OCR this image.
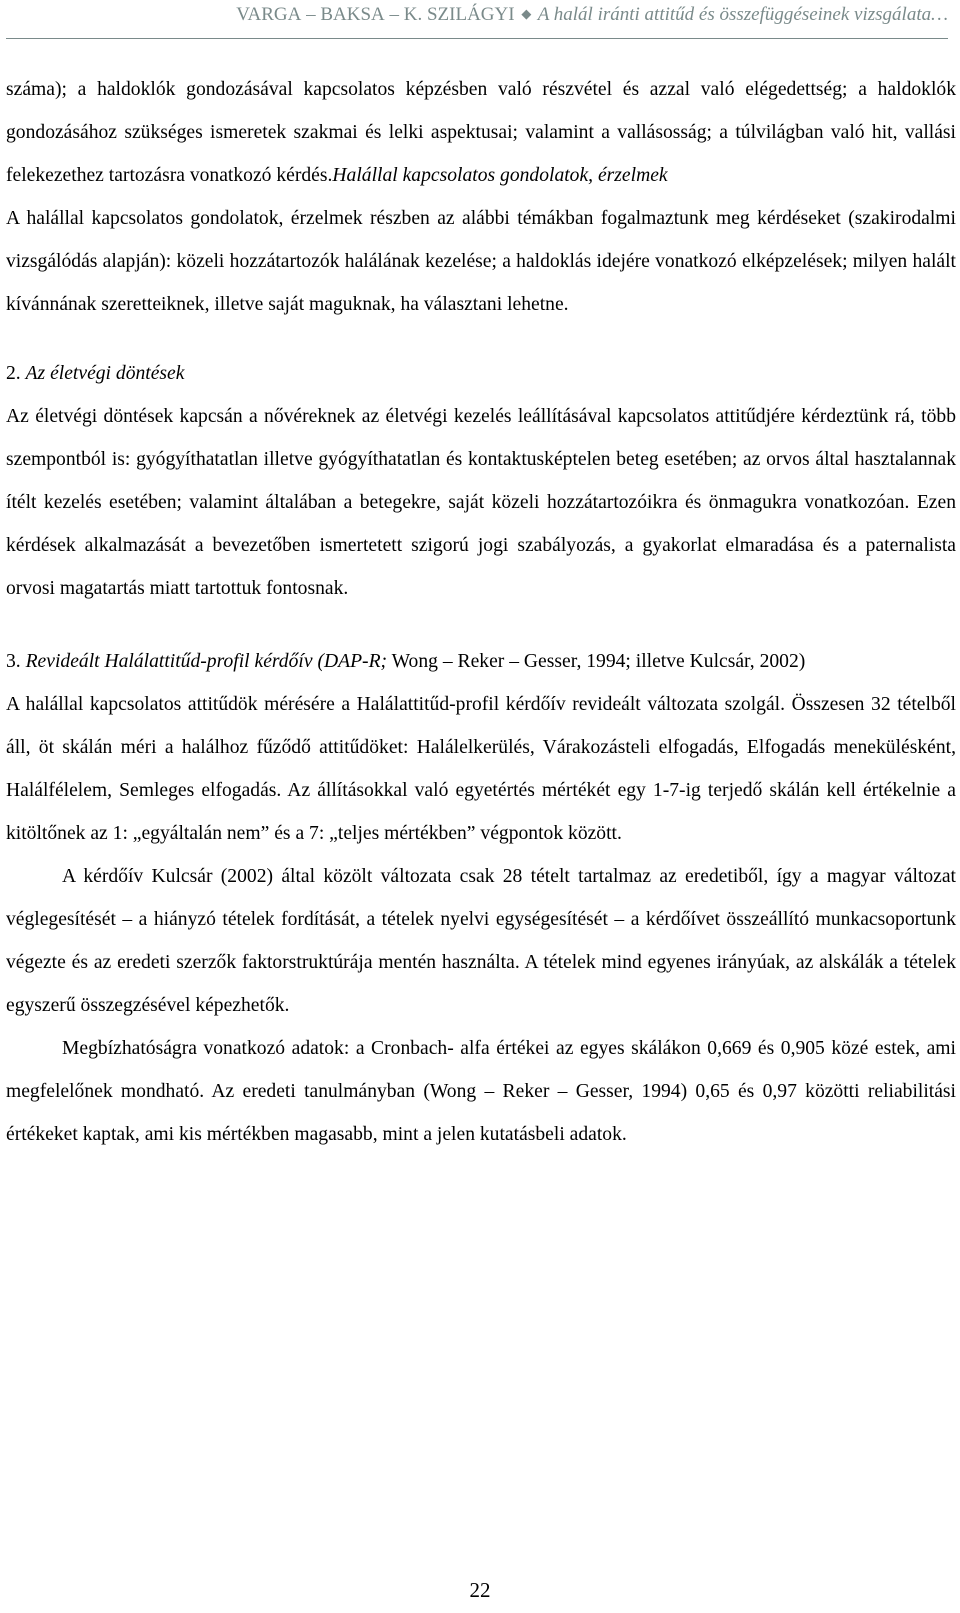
VARGA – BAKSA – K. SZILÁGYI ◆ A halál iránti attitűd és összefüggéseinek vizsgálata…

száma); a haldoklók gondozásával kapcsolatos képzésben való részvétel és azzal való elégedettség; a haldoklók gondozásához szükséges ismeretek szakmai és lelki aspektusai; valamint a vallásosság; a túlvilágban való hit, vallási felekezethez tartozásra vonatkozó kérdés.Halállal kapcsolatos gondolatok, érzelmek

A halállal kapcsolatos gondolatok, érzelmek részben az alábbi témákban fogalmaztunk meg kérdéseket (szakirodalmi vizsgálódás alapján): közeli hozzátartozók halálának kezelése; a haldoklás idejére vonatkozó elképzelések; milyen halált kívánnának szeretteiknek, illetve saját maguknak, ha választani lehetne.

2. Az életvégi döntések

Az életvégi döntések kapcsán a nővéreknek az életvégi kezelés leállításával kapcsolatos attitűdjére kérdeztünk rá, több szempontból is: gyógyíthatatlan illetve gyógyíthatatlan és kontaktusképtelen beteg esetében; az orvos által hasztalannak ítélt kezelés esetében; valamint általában a betegekre, saját közeli hozzátartozóikra és önmagukra vonatkozóan. Ezen kérdések alkalmazását a bevezetőben ismertetett szigorú jogi szabályozás, a gyakorlat elmaradása és a paternalista orvosi magatartás miatt tartottuk fontosnak.

3. Revideált Halálattitűd-profil kérdőív (DAP-R; Wong – Reker – Gesser, 1994; illetve Kulcsár, 2002)

A halállal kapcsolatos attitűdök mérésére a Halálattitűd-profil kérdőív revideált változata szolgál. Összesen 32 tételből áll, öt skálán méri a halálhoz fűződő attitűdöket: Halálelkerülés, Várakozásteli elfogadás, Elfogadás menekülésként, Halálfélelem, Semleges elfogadás. Az állításokkal való egyetértés mértékét egy 1-7-ig terjedő skálán kell értékelnie a kitöltőnek az 1: „egyáltalán nem” és a 7: „teljes mértékben” végpontok között.

A kérdőív Kulcsár (2002) által közölt változata csak 28 tételt tartalmaz az eredetiből, így a magyar változat véglegesítését – a hiányzó tételek fordítását, a tételek nyelvi egységesítését – a kérdőívet összeállító munkacsoportunk végezte és az eredeti szerzők faktorstruktúrája mentén használta. A tételek mind egyenes irányúak, az alskálák a tételek egyszerű összegzésével képezhetők.

Megbízhatóságra vonatkozó adatok: a Cronbach- alfa értékei az egyes skálákon 0,669 és 0,905 közé estek, ami megfelelőnek mondható. Az eredeti tanulmányban (Wong – Reker – Gesser, 1994) 0,65 és 0,97 közötti reliabilitási értékeket kaptak, ami kis mértékben magasabb, mint a jelen kutatásbeli adatok.

22
